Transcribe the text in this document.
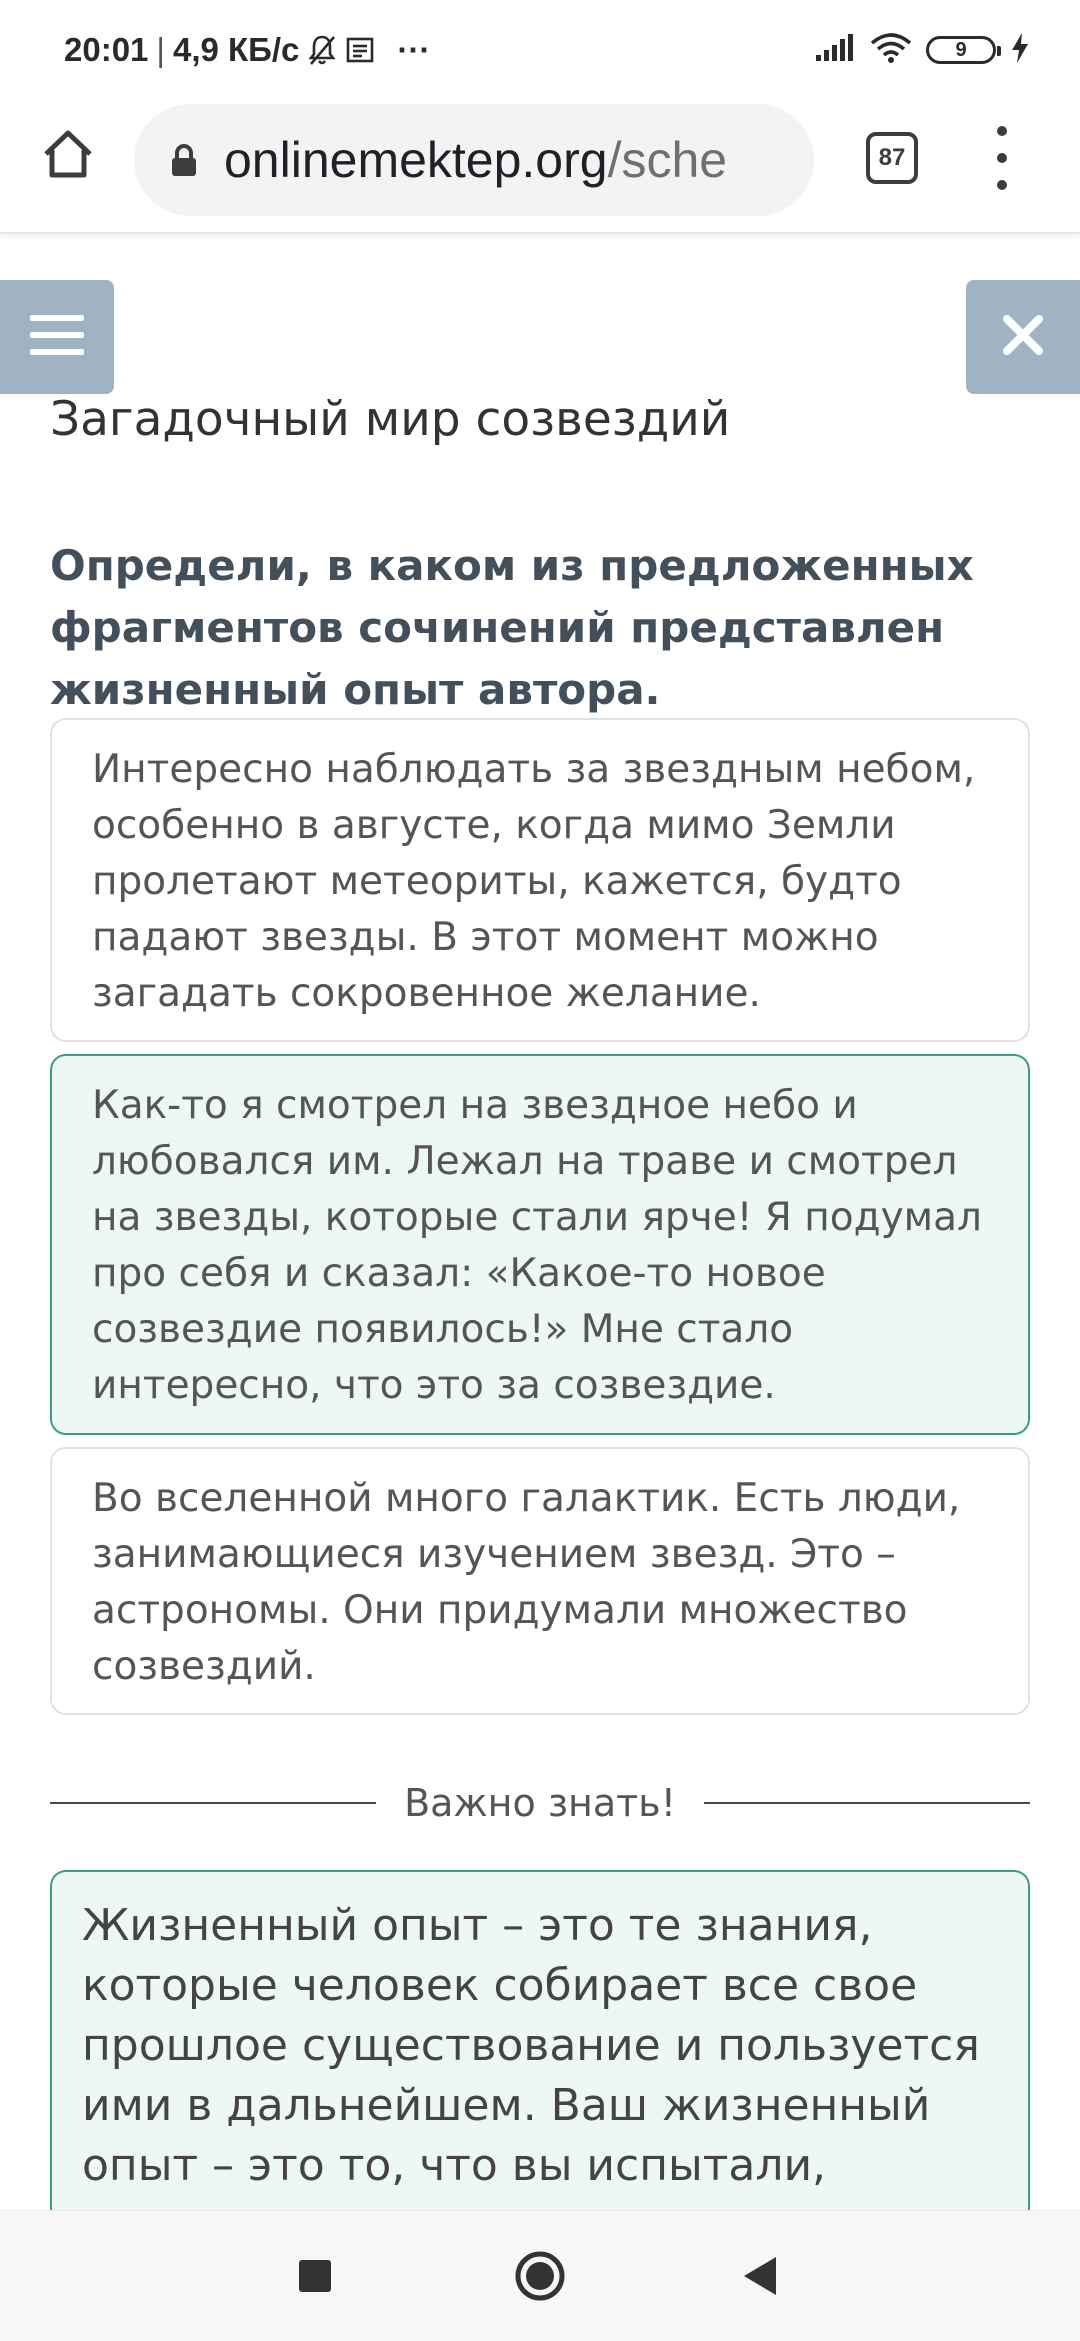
20:01 | 4,9 КБ/с	···	9
onlinemektep.org/sche	87
Загадочный мир созвездий
Определи, в каком из предложенных фрагментов сочинений представлен жизненный опыт автора.
Интересно наблюдать за звездным небом, особенно в августе, когда мимо Земли пролетают метеориты, кажется, будто падают звезды. В этот момент можно загадать сокровенное желание.
Как-то я смотрел на звездное небо и любовался им. Лежал на траве и смотрел на звезды, которые стали ярче! Я подумал про себя и сказал: «Какое-то новое созвездие появилось!» Мне стало интересно, что это за созвездие.
Во вселенной много галактик. Есть люди, занимающиеся изучением звезд. Это – астрономы. Они придумали множество созвездий.
Важно знать!
Жизненный опыт – это те знания, которые человек собирает все свое прошлое существование и пользуется ими в дальнейшем. Ваш жизненный опыт – это то, что вы испытали,
